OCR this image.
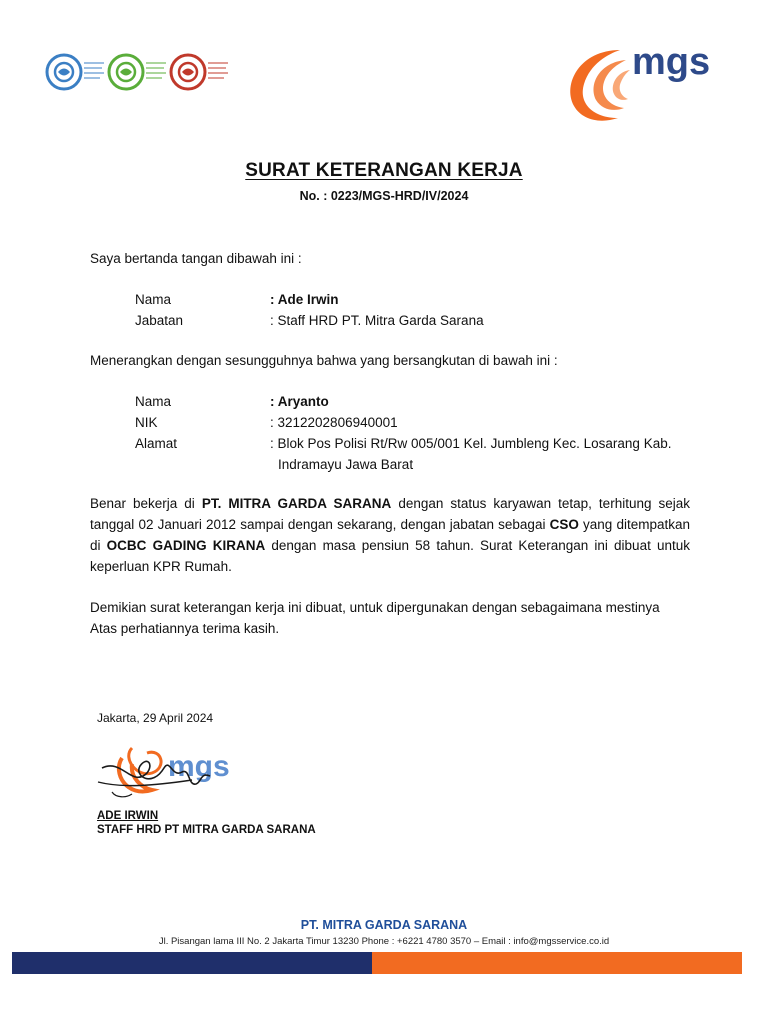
mgs
SURAT KETERANGAN KERJA
No. : 0223/MGS-HRD/IV/2024
Saya bertanda tangan dibawah ini :
Nama	: Ade Irwin
Jabatan	: Staff HRD PT. Mitra Garda Sarana
Menerangkan dengan sesungguhnya bahwa yang bersangkutan di bawah ini :
Nama	: Aryanto
NIK	: 3212202806940001
Alamat	: Blok Pos Polisi Rt/Rw 005/001 Kel. Jumbleng Kec. Losarang Kab.
Indramayu Jawa Barat
Benar bekerja di PT. MITRA GARDA SARANA dengan status karyawan tetap, terhitung sejak tanggal 02 Januari 2012 sampai dengan sekarang, dengan jabatan sebagai CSO yang ditempatkan di OCBC GADING KIRANA dengan masa pensiun 58 tahun. Surat Keterangan ini dibuat untuk keperluan KPR Rumah.
Demikian surat keterangan kerja ini dibuat, untuk dipergunakan dengan sebagaimana mestinya
Atas perhatiannya terima kasih.
Jakarta, 29 April 2024
mgs
ADE IRWIN
STAFF HRD PT MITRA GARDA SARANA
PT. MITRA GARDA SARANA
Jl. Pisangan lama III No. 2 Jakarta Timur 13230 Phone : +6221 4780 3570 – Email : info@mgsservice.co.id
